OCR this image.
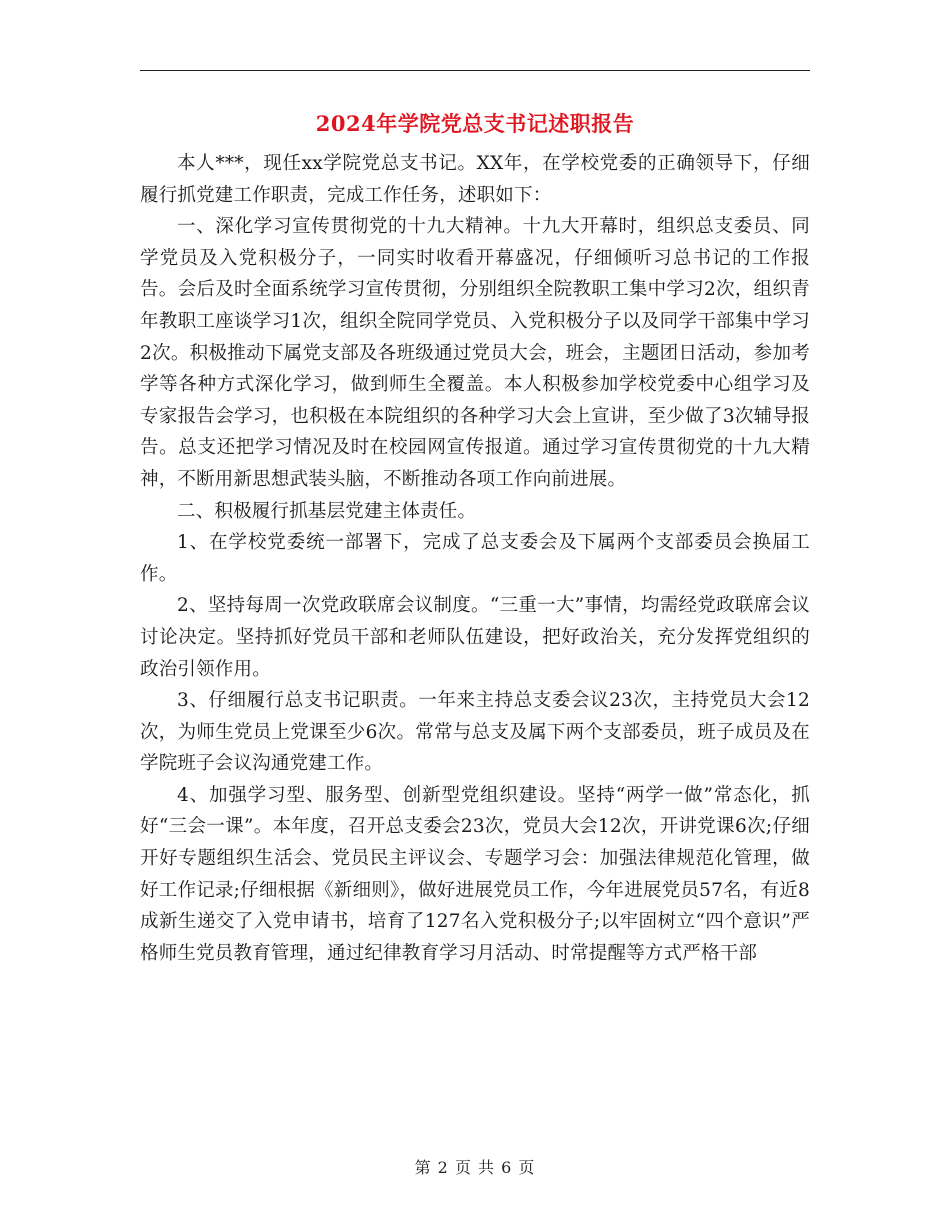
2024年学院党总支书记述职报告

本人***，现任xx学院党总支书记。XX年，在学校党委的正确领导下，仔细履行抓党建工作职责，完成工作任务，述职如下：

一、深化学习宣传贯彻党的十九大精神。十九大开幕时，组织总支委员、同学党员及入党积极分子，一同实时收看开幕盛况，仔细倾听习总书记的工作报告。会后及时全面系统学习宣传贯彻，分别组织全院教职工集中学习2次，组织青年教职工座谈学习1次，组织全院同学党员、入党积极分子以及同学干部集中学习2次。积极推动下属党支部及各班级通过党员大会，班会，主题团日活动，参加考学等各种方式深化学习，做到师生全覆盖。本人积极参加学校党委中心组学习及专家报告会学习，也积极在本院组织的各种学习大会上宣讲，至少做了3次辅导报告。总支还把学习情况及时在校园网宣传报道。通过学习宣传贯彻党的十九大精神，不断用新思想武装头脑，不断推动各项工作向前进展。

二、积极履行抓基层党建主体责任。

1、在学校党委统一部署下，完成了总支委会及下属两个支部委员会换届工作。

2、坚持每周一次党政联席会议制度。“三重一大”事情，均需经党政联席会议讨论决定。坚持抓好党员干部和老师队伍建设，把好政治关，充分发挥党组织的政治引领作用。

3、仔细履行总支书记职责。一年来主持总支委会议23次，主持党员大会12次，为师生党员上党课至少6次。常常与总支及属下两个支部委员，班子成员及在学院班子会议沟通党建工作。

4、加强学习型、服务型、创新型党组织建设。坚持“两学一做”常态化，抓好“三会一课”。本年度，召开总支委会23次，党员大会12次，开讲党课6次;仔细开好专题组织生活会、党员民主评议会、专题学习会：加强法律规范化管理，做好工作记录;仔细根据《新细则》，做好进展党员工作，今年进展党员57名，有近8成新生递交了入党申请书，培育了127名入党积极分子;以牢固树立“四个意识”严格师生党员教育管理，通过纪律教育学习月活动、时常提醒等方式严格干部

第 2 页 共 6 页
